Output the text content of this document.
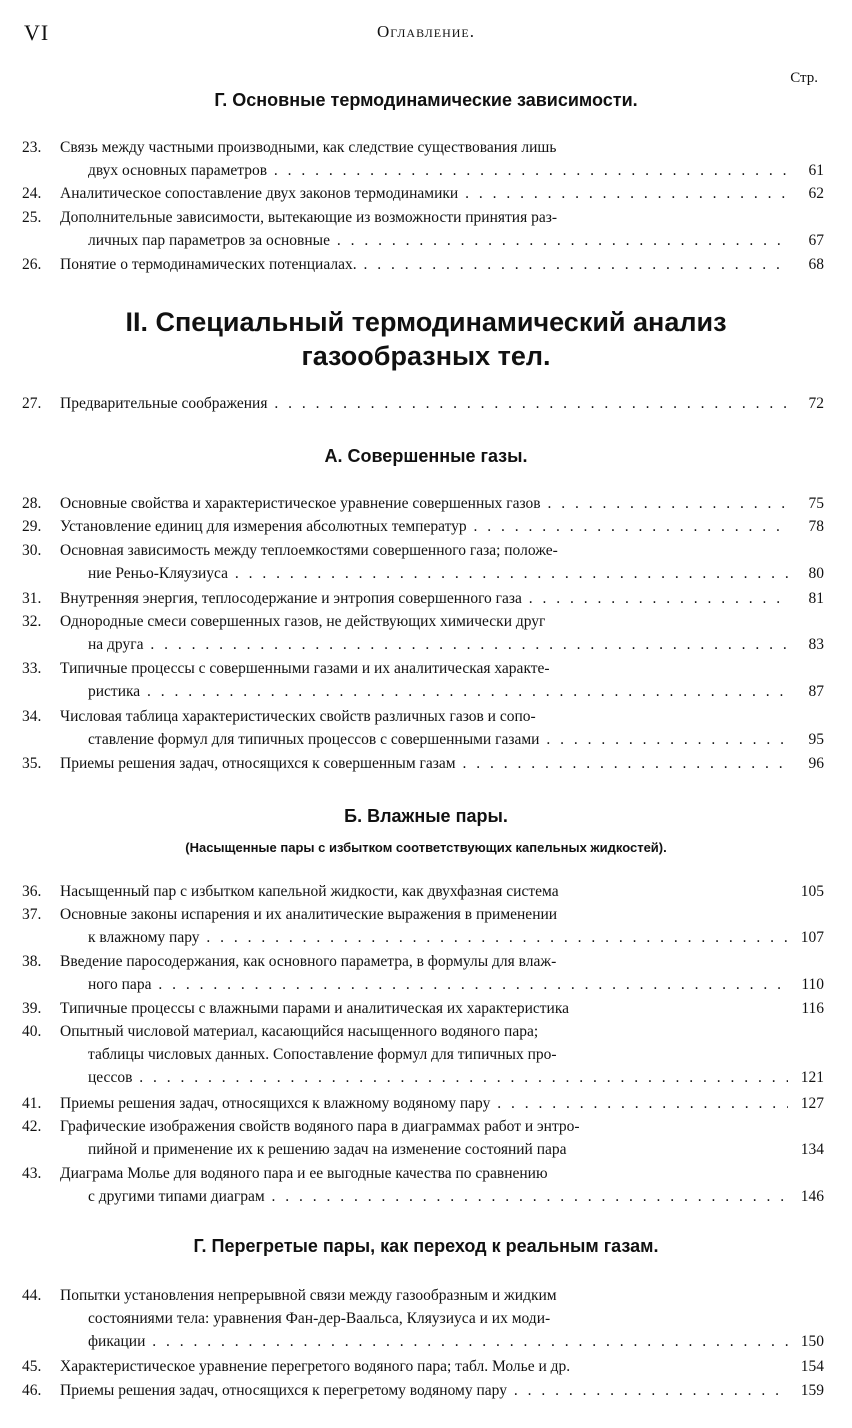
VI	Оглавление.
Стр.
Г. Основные термодинамические зависимости.
23.	Связь между частными производными, как следствие существования лишь
двух основных параметров . . .	61
24.	Аналитическое сопоставление двух законов термодинамики . . .	62
25.	Дополнительные зависимости, вытекающие из возможности принятия раз-
личных пар параметров за основные . . .	67
26.	Понятие о термодинамических потенциалах. . . .	68
II. Специальный термодинамический анализ
газообразных тел.
27.	Предварительные соображения . . .	72
А. Совершенные газы.
28.	Основные свойства и характеристическое уравнение совершенных газов . . .	75
29.	Установление единиц для измерения абсолютных температур . . .	78
30.	Основная зависимость между теплоемкостями совершенного газа; положе-
ние Реньо-Кляузиуса . . .	80
31.	Внутренняя энергия, теплосодержание и энтропия совершенного газа . . .	81
32.	Однородные смеси совершенных газов, не действующих химически друг
на друга . . .	83
33.	Типичные процессы с совершенными газами и их аналитическая характе-
ристика . . .	87
34.	Числовая таблица характеристических свойств различных газов и сопо-
ставление формул для типичных процессов с совершенными газами . . .	95
35.	Приемы решения задач, относящихся к совершенным газам . . .	96
Б. Влажные пары.
(Насыщенные пары с избытком соответствующих капельных жидкостей).
36.	Насыщенный пар с избытком капельной жидкости, как двухфазная система	105
37.	Основные законы испарения и их аналитические выражения в применении
к влажному пару . . .	107
38.	Введение паросодержания, как основного параметра, в формулы для влаж-
ного пара . . .	110
39.	Типичные процессы с влажными парами и аналитическая их характеристика	116
40.	Опытный числовой материал, касающийся насыщенного водяного пара;
таблицы числовых данных. Сопоставление формул для типичных про-
цессов . . .	121
41.	Приемы решения задач, относящихся к влажному водяному пару . . .	127
42.	Графические изображения свойств водяного пара в диаграммах работ и энтро-
пийной и применение их к решению задач на изменение состояний пара	134
43.	Диаграма Молье для водяного пара и ее выгодные качества по сравнению
с другими типами диаграм . . .	146
Г. Перегретые пары, как переход к реальным газам.
44.	Попытки установления непрерывной связи между газообразным и жидким
состояниями тела: уравнения Фан-дер-Ваальса, Кляузиуса и их моди-
фикации . . .	150
45.	Характеристическое уравнение перегретого водяного пара; табл. Молье и др.	154
46.	Приемы решения задач, относящихся к перегретому водяному пару . . .	159
